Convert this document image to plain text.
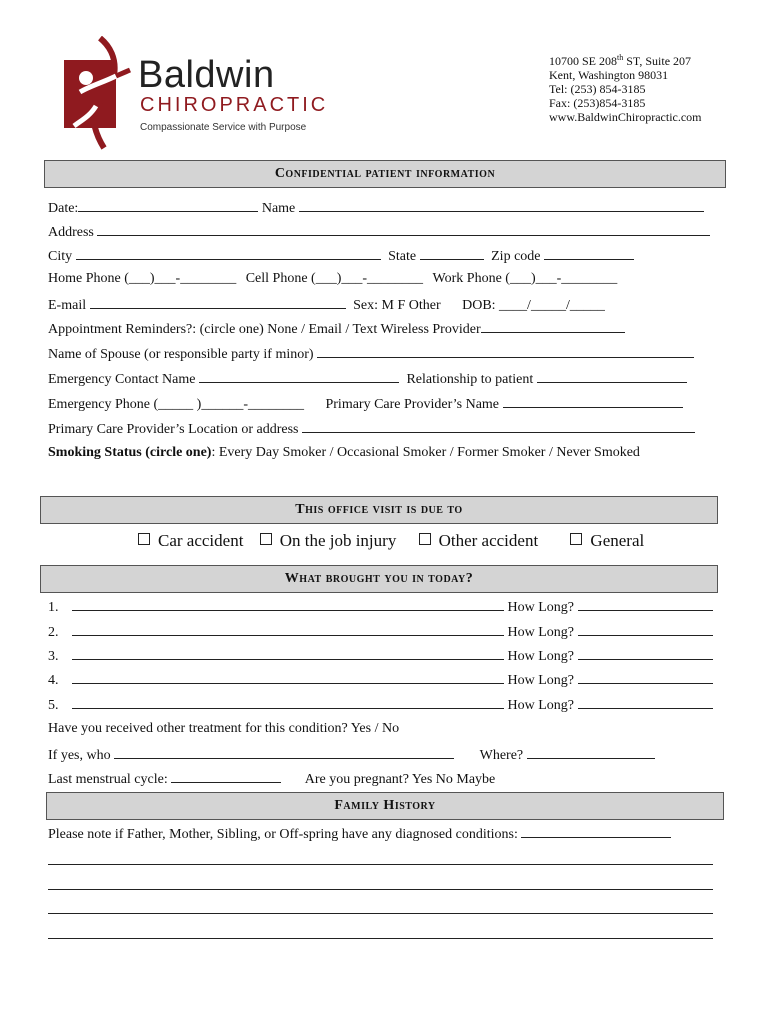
Baldwin
CHIROPRACTIC
Compassionate Service with Purpose
10700 SE 208th ST, Suite 207
Kent, Washington 98031
Tel: (253) 854-3185
Fax: (253)854-3185
www.BaldwinChiropractic.com
Confidential patient information
Date:	Name
Address
City	State	Zip code
Home Phone (___)___-________ Cell Phone (___)___-________ Work Phone (___)___-________
E-mail	Sex: M F Other DOB: ____/_____/_____
Appointment Reminders?: (circle one) None / Email / Text Wireless Provider
Name of Spouse (or responsible party if minor)
Emergency Contact Name	Relationship to patient
Emergency Phone (_____ )______-________ Primary Care Provider’s Name
Primary Care Provider’s Location or address
Smoking Status (circle one): Every Day Smoker / Occasional Smoker / Former Smoker / Never Smoked
This office visit is due to
Car accident On the job injury Other accident	General
What brought you in today?
1.	How Long?
2.	How Long?
3.	How Long?
4.	How Long?
5.	How Long?
Have you received other treatment for this condition? Yes / No
If yes, who	Where?
Last menstrual cycle:	Are you pregnant? Yes No Maybe
Family History
Please note if Father, Mother, Sibling, or Off-spring have any diagnosed conditions:
